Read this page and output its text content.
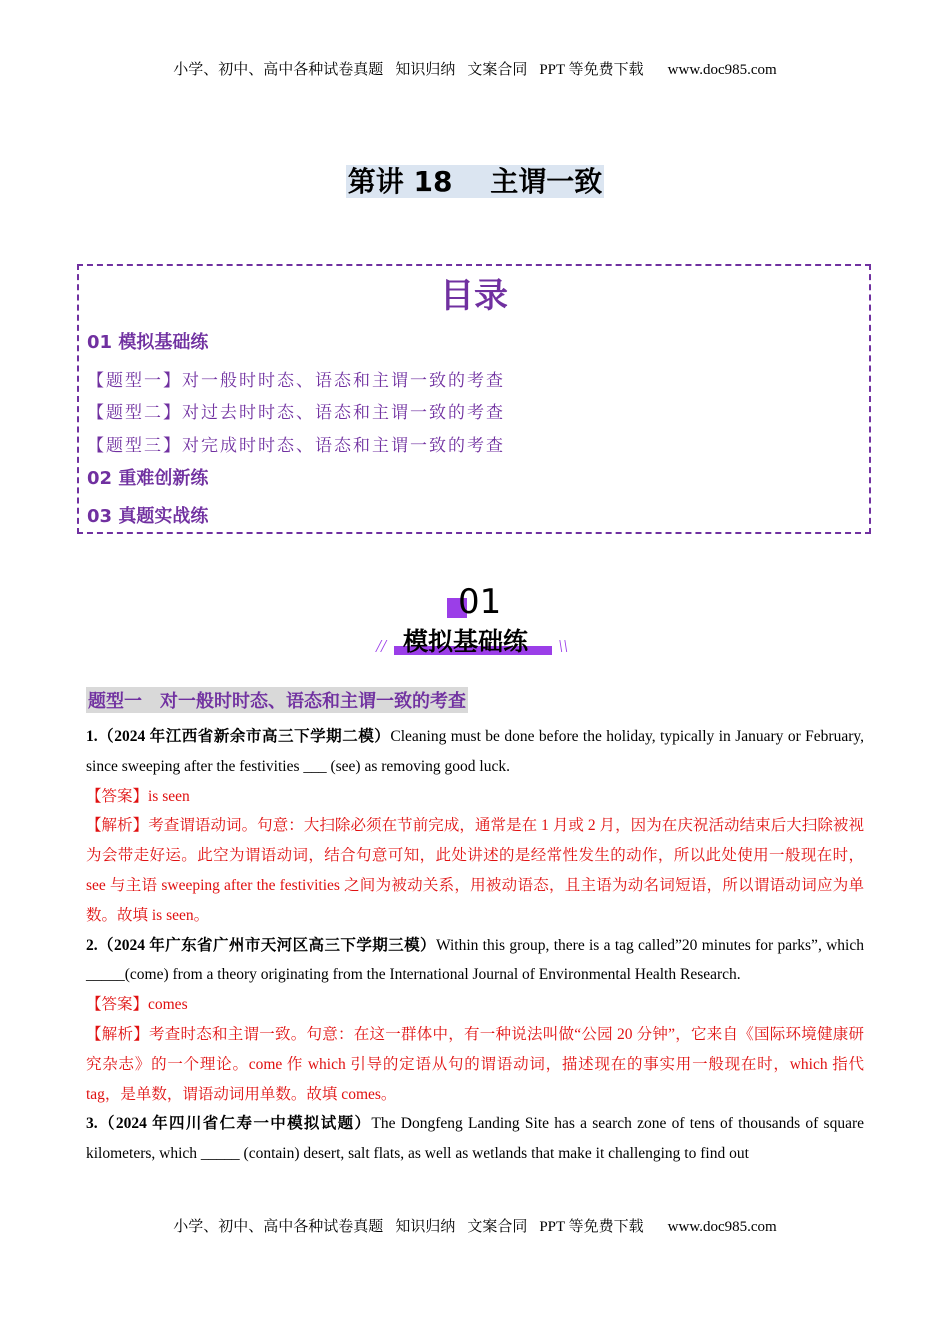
小学、初中、高中各种试卷真题 知识归纳 文案合同 PPT 等免费下载 www.doc985.com
第讲 18　 主谓一致
目录
01 模拟基础练
【题型一】对一般时时态、语态和主谓一致的考查
【题型二】对过去时时态、语态和主谓一致的考查
【题型三】对完成时时态、语态和主谓一致的考查
02 重难创新练
03 真题实战练
01
模拟基础练
//	\\
题型一　对一般时时态、语态和主谓一致的考查

1.（2024 年江西省新余市高三下学期二模）Cleaning must be done before the holiday, typically in January or February, since sweeping after the festivities ___ (see) as removing good luck.

【答案】is seen

【解析】考查谓语动词。句意：大扫除必须在节前完成，通常是在 1 月或 2 月，因为在庆祝活动结束后大扫除被视为会带走好运。此空为谓语动词，结合句意可知，此处讲述的是经常性发生的动作，所以此处使用一般现在时，see 与主语 sweeping after the festivities 之间为被动关系，用被动语态，且主语为动名词短语，所以谓语动词应为单数。故填 is seen。

2.（2024 年广东省广州市天河区高三下学期三模）Within this group, there is a tag called”20 minutes for parks”, which _____(come) from a theory originating from the International Journal of Environmental Health Research.

【答案】comes

【解析】考查时态和主谓一致。句意：在这一群体中，有一种说法叫做“公园 20 分钟”，它来自《国际环境健康研究杂志》的一个理论。come 作 which 引导的定语从句的谓语动词，描述现在的事实用一般现在时，which 指代 tag，是单数，谓语动词用单数。故填 comes。

3.（2024 年四川省仁寿一中模拟试题）The Dongfeng Landing Site has a search zone of tens of thousands of square kilometers, which _____ (contain) desert, salt flats, as well as wetlands that make it challenging to find out

小学、初中、高中各种试卷真题 知识归纳 文案合同 PPT 等免费下载 www.doc985.com
